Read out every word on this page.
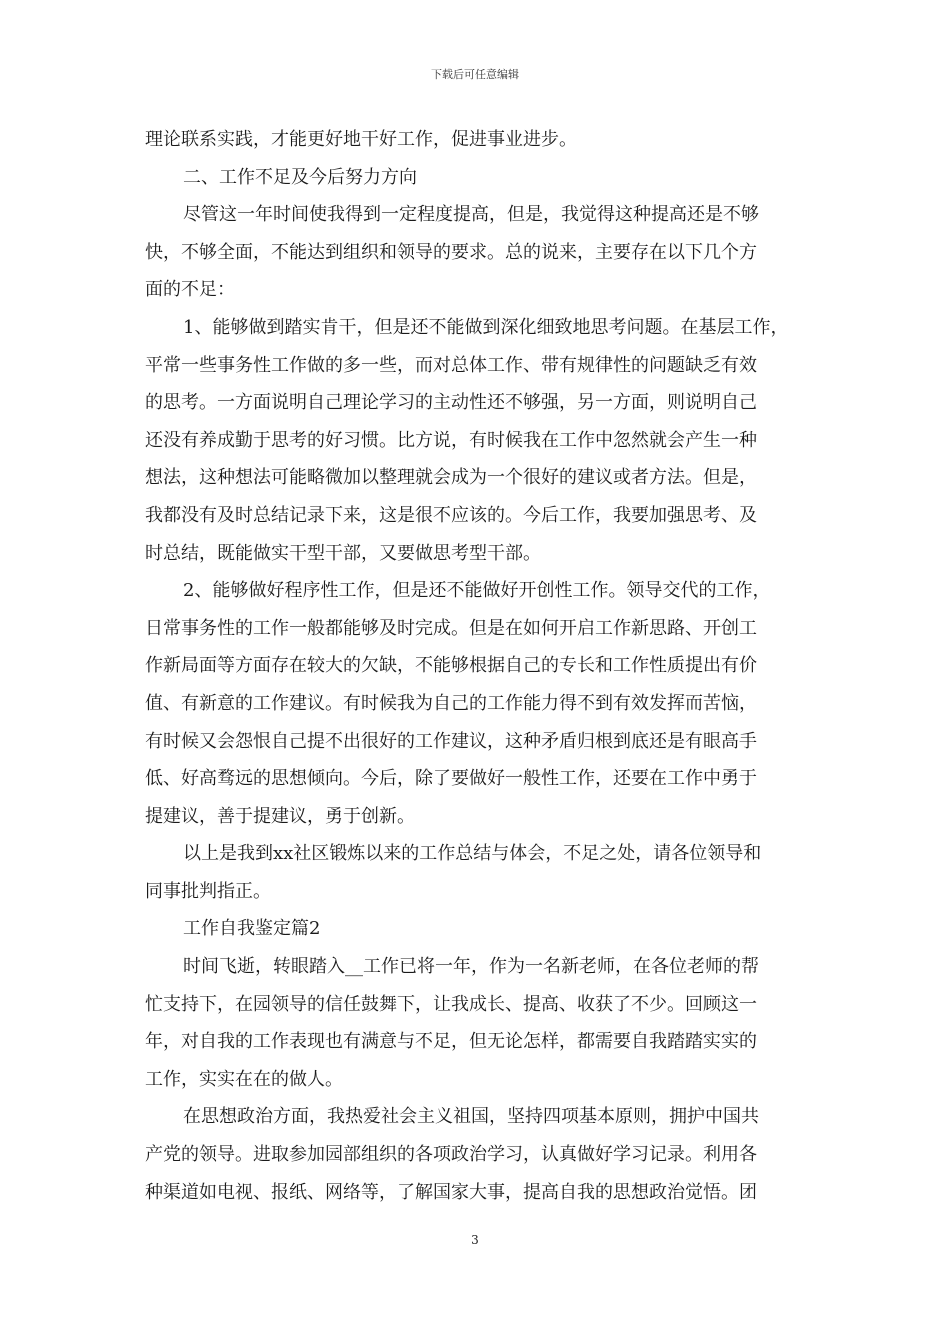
下载后可任意编辑
理论联系实践，才能更好地干好工作，促进事业进步。
二、工作不足及今后努力方向
尽管这一年时间使我得到一定程度提高，但是，我觉得这种提高还是不够
快，不够全面，不能达到组织和领导的要求。总的说来，主要存在以下几个方
面的不足：
1、能够做到踏实肯干，但是还不能做到深化细致地思考问题。在基层工作，
平常一些事务性工作做的多一些，而对总体工作、带有规律性的问题缺乏有效
的思考。一方面说明自己理论学习的主动性还不够强，另一方面，则说明自己
还没有养成勤于思考的好习惯。比方说，有时候我在工作中忽然就会产生一种
想法，这种想法可能略微加以整理就会成为一个很好的建议或者方法。但是，
我都没有及时总结记录下来，这是很不应该的。今后工作，我要加强思考、及
时总结，既能做实干型干部，又要做思考型干部。
2、能够做好程序性工作，但是还不能做好开创性工作。领导交代的工作，
日常事务性的工作一般都能够及时完成。但是在如何开启工作新思路、开创工
作新局面等方面存在较大的欠缺，不能够根据自己的专长和工作性质提出有价
值、有新意的工作建议。有时候我为自己的工作能力得不到有效发挥而苦恼，
有时候又会怨恨自己提不出很好的工作建议，这种矛盾归根到底还是有眼高手
低、好高骛远的思想倾向。今后，除了要做好一般性工作，还要在工作中勇于
提建议，善于提建议，勇于创新。
以上是我到xx社区锻炼以来的工作总结与体会，不足之处，请各位领导和
同事批判指正。
工作自我鉴定篇2
时间飞逝，转眼踏入__工作已将一年，作为一名新老师，在各位老师的帮
忙支持下，在园领导的信任鼓舞下，让我成长、提高、收获了不少。回顾这一
年，对自我的工作表现也有满意与不足，但无论怎样，都需要自我踏踏实实的
工作，实实在在的做人。
在思想政治方面，我热爱社会主义祖国，坚持四项基本原则，拥护中国共
产党的领导。进取参加园部组织的各项政治学习，认真做好学习记录。利用各
种渠道如电视、报纸、网络等，了解国家大事，提高自我的思想政治觉悟。团
3
